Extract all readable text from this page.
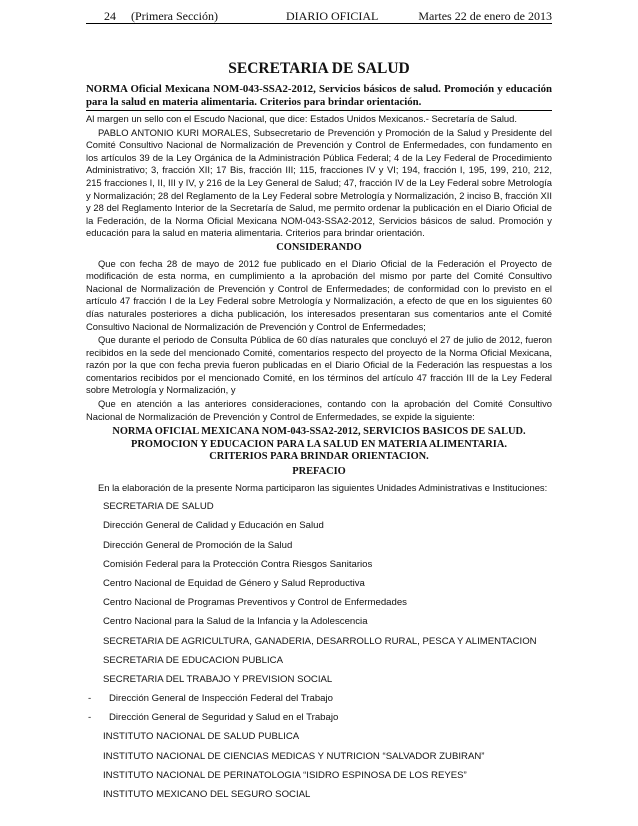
24 (Primera Sección)	DIARIO OFICIAL	Martes 22 de enero de 2013
SECRETARIA DE SALUD
NORMA Oficial Mexicana NOM-043-SSA2-2012, Servicios básicos de salud. Promoción y educación para la salud en materia alimentaria. Criterios para brindar orientación.
Al margen un sello con el Escudo Nacional, que dice: Estados Unidos Mexicanos.- Secretaría de Salud.
PABLO ANTONIO KURI MORALES, Subsecretario de Prevención y Promoción de la Salud y Presidente del Comité Consultivo Nacional de Normalización de Prevención y Control de Enfermedades, con fundamento en los artículos 39 de la Ley Orgánica de la Administración Pública Federal; 4 de la Ley Federal de Procedimiento Administrativo; 3, fracción XII; 17 Bis, fracción III; 115, fracciones IV y VI; 194, fracción I, 195, 199, 210, 212, 215 fracciones I, II, III y IV, y 216 de la Ley General de Salud; 47, fracción IV de la Ley Federal sobre Metrología y Normalización; 28 del Reglamento de la Ley Federal sobre Metrología y Normalización, 2 inciso B, fracción XII y 28 del Reglamento Interior de la Secretaría de Salud, me permito ordenar la publicación en el Diario Oficial de la Federación, de la Norma Oficial Mexicana NOM-043-SSA2-2012, Servicios básicos de salud. Promoción y educación para la salud en materia alimentaria. Criterios para brindar orientación.
CONSIDERANDO
Que con fecha 28 de mayo de 2012 fue publicado en el Diario Oficial de la Federación el Proyecto de modificación de esta norma, en cumplimiento a la aprobación del mismo por parte del Comité Consultivo Nacional de Normalización de Prevención y Control de Enfermedades; de conformidad con lo previsto en el artículo 47 fracción I de la Ley Federal sobre Metrología y Normalización, a efecto de que en los siguientes 60 días naturales posteriores a dicha publicación, los interesados presentaran sus comentarios ante el Comité Consultivo Nacional de Normalización de Prevención y Control de Enfermedades;
Que durante el periodo de Consulta Pública de 60 días naturales que concluyó el 27 de julio de 2012, fueron recibidos en la sede del mencionado Comité, comentarios respecto del proyecto de la Norma Oficial Mexicana, razón por la que con fecha previa fueron publicadas en el Diario Oficial de la Federación las respuestas a los comentarios recibidos por el mencionado Comité, en los términos del artículo 47 fracción III de la Ley Federal sobre Metrología y Normalización, y
Que en atención a las anteriores consideraciones, contando con la aprobación del Comité Consultivo Nacional de Normalización de Prevención y Control de Enfermedades, se expide la siguiente:
NORMA OFICIAL MEXICANA NOM-043-SSA2-2012, SERVICIOS BASICOS DE SALUD.
PROMOCION Y EDUCACION PARA LA SALUD EN MATERIA ALIMENTARIA.
CRITERIOS PARA BRINDAR ORIENTACION.
PREFACIO
En la elaboración de la presente Norma participaron las siguientes Unidades Administrativas e Instituciones:
SECRETARIA DE SALUD
Dirección General de Calidad y Educación en Salud
Dirección General de Promoción de la Salud
Comisión Federal para la Protección Contra Riesgos Sanitarios
Centro Nacional de Equidad de Género y Salud Reproductiva
Centro Nacional de Programas Preventivos y Control de Enfermedades
Centro Nacional para la Salud de la Infancia y la Adolescencia
SECRETARIA DE AGRICULTURA, GANADERIA, DESARROLLO RURAL, PESCA Y ALIMENTACION
SECRETARIA DE EDUCACION PUBLICA
SECRETARIA DEL TRABAJO Y PREVISION SOCIAL
- Dirección General de Inspección Federal del Trabajo
- Dirección General de Seguridad y Salud en el Trabajo
INSTITUTO NACIONAL DE SALUD PUBLICA
INSTITUTO NACIONAL DE CIENCIAS MEDICAS Y NUTRICION “SALVADOR ZUBIRAN”
INSTITUTO NACIONAL DE PERINATOLOGIA “ISIDRO ESPINOSA DE LOS REYES”
INSTITUTO MEXICANO DEL SEGURO SOCIAL
